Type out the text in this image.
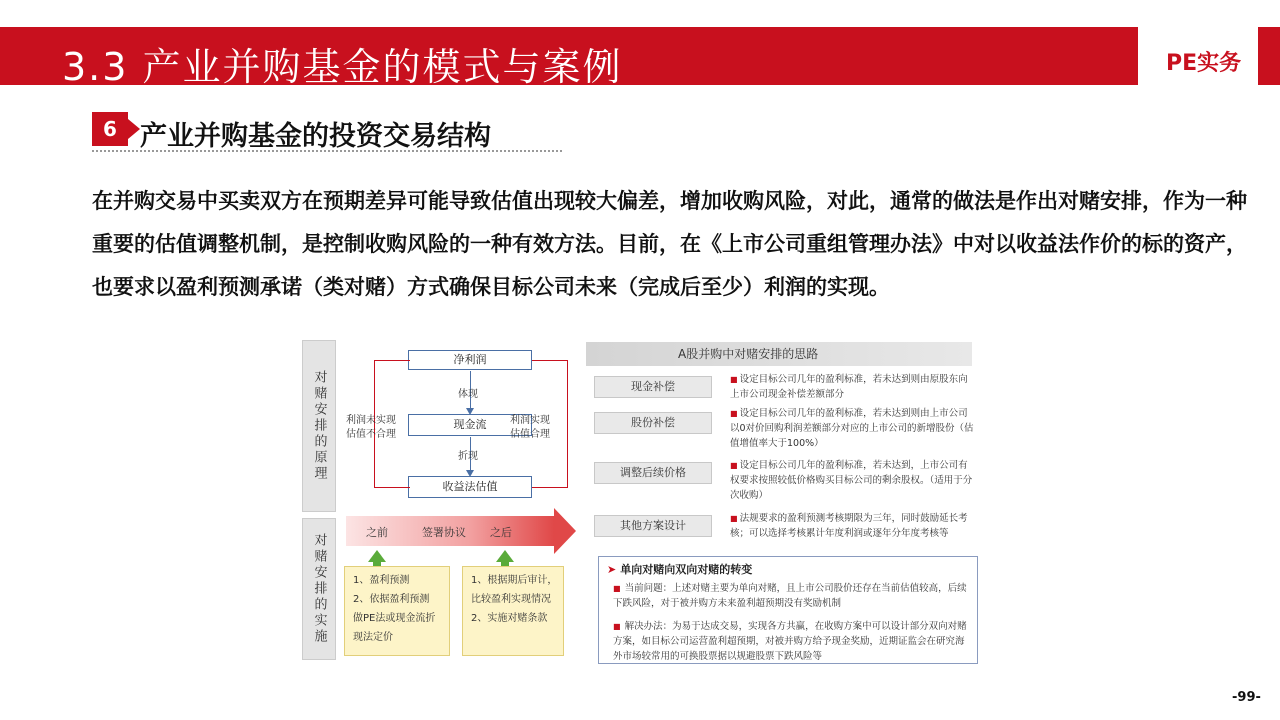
3.3 产业并购基金的模式与案例	PE实务
6 产业并购基金的投资交易结构
在并购交易中买卖双方在预期差异可能导致估值出现较大偏差，增加收购风险，对此，通常的做法是作出对赌安排，作为一种重要的估值调整机制，是控制收购风险的一种有效方法。目前，在《上市公司重组管理办法》中对以收益法作价的标的资产，也要求以盈利预测承诺（类对赌）方式确保目标公司未来（完成后至少）利润的实现。
对赌安排的原理
对赌安排的实施
净利润
体现
现金流
折现
收益法估值
利润未实现
估值不合理
利润实现
估值合理
之前	签署协议 之后
1、盈利预测
2、依据盈利预测
做PE法或现金流折
现法定价
1、根据期后审计，
比较盈利实现情况
2、实施对赌条款
A股并购中对赌安排的思路
现金补偿
■ 设定目标公司几年的盈利标准，若未达到则由原股东向上市公司现金补偿差额部分
股份补偿
■ 设定目标公司几年的盈利标准，若未达到则由上市公司以0对价回购利润差额部分对应的上市公司的新增股份（估值增值率大于100%）
调整后续价格
■ 设定目标公司几年的盈利标准，若未达到，上市公司有权要求按照较低价格购买目标公司的剩余股权。（适用于分次收购）
其他方案设计
■ 法规要求的盈利预测考核期限为三年，同时鼓励延长考核；可以选择考核累计年度利润或逐年分年度考核等
➤ 单向对赌向双向对赌的转变
■ 当前问题：上述对赌主要为单向对赌，且上市公司股价还存在当前估值较高，后续下跌风险，对于被并购方未来盈利超预期没有奖励机制
■ 解决办法：为易于达成交易，实现各方共赢，在收购方案中可以设计部分双向对赌方案，如目标公司运营盈利超预期，对被并购方给予现金奖励，近期证监会在研究海外市场较常用的可换股票据以规避股票下跌风险等
-99-
